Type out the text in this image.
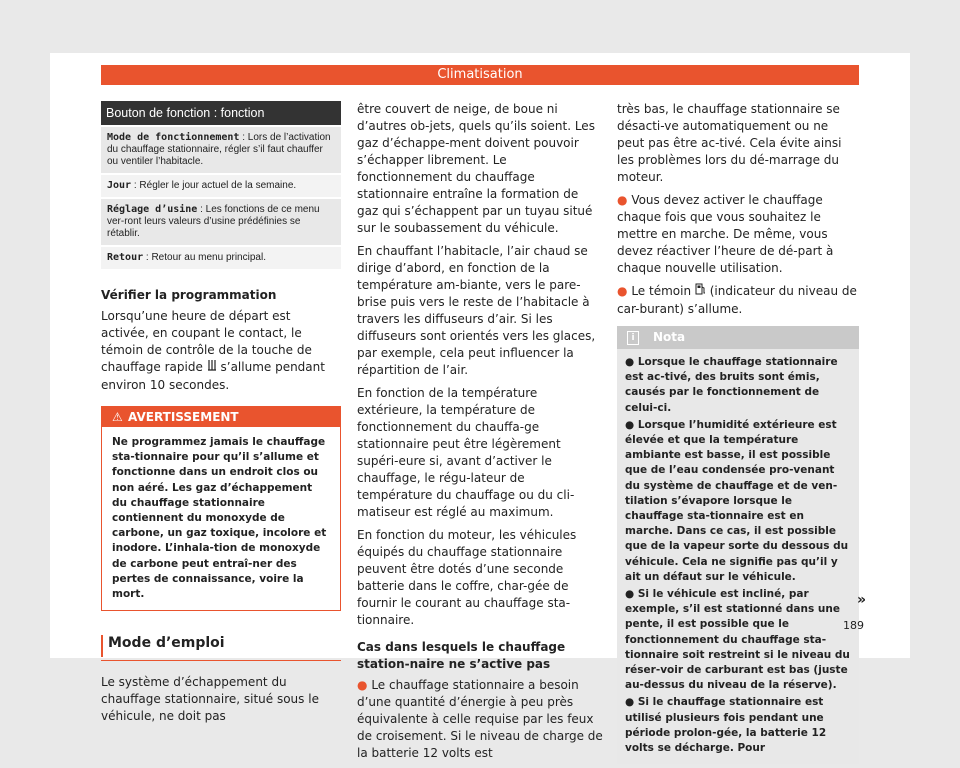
Climatisation
Bouton de fonction : fonction
Mode de fonctionnement : Lors de l’activation du chauffage stationnaire, régler s’il faut chauffer ou ventiler l’habitacle.
Jour : Régler le jour actuel de la semaine.
Réglage d’usine : Les fonctions de ce menu ver-ront leurs valeurs d’usine prédéfinies se rétablir.
Retour : Retour au menu principal.
Vérifier la programmation

Lorsqu’une heure de départ est activée, en coupant le contact, le témoin de contrôle de la touche de chauffage rapide s’allume pendant environ 10 secondes.

⚠ AVERTISSEMENT
Ne programmez jamais le chauffage sta-tionnaire pour qu’il s’allume et fonctionne dans un endroit clos ou non aéré. Les gaz d’échappement du chauffage stationnaire contiennent du monoxyde de carbone, un gaz toxique, incolore et inodore. L’inhala-tion de monoxyde de carbone peut entraî-ner des pertes de connaissance, voire la mort.
Mode d’emploi

Le système d’échappement du chauffage stationnaire, situé sous le véhicule, ne doit pas

être couvert de neige, de boue ni d’autres ob-jets, quels qu’ils soient. Les gaz d’échappe-ment doivent pouvoir s’échapper librement. Le fonctionnement du chauffage stationnaire entraîne la formation de gaz qui s’échappent par un tuyau situé sur le soubassement du véhicule.

En chauffant l’habitacle, l’air chaud se dirige d’abord, en fonction de la température am-biante, vers le pare-brise puis vers le reste de l’habitacle à travers les diffuseurs d’air. Si les diffuseurs sont orientés vers les glaces, par exemple, cela peut influencer la répartition de l’air.

En fonction de la température extérieure, la température de fonctionnement du chauffa-ge stationnaire peut être légèrement supéri-eure si, avant d’activer le chauffage, le régu-lateur de température du chauffage ou du cli-matiseur est réglé au maximum.

En fonction du moteur, les véhicules équipés du chauffage stationnaire peuvent être dotés d’une seconde batterie dans le coffre, char-gée de fournir le courant au chauffage sta-tionnaire.

Cas dans lesquels le chauffage station-naire ne s’active pas

● Le chauffage stationnaire a besoin d’une quantité d’énergie à peu près équivalente à celle requise par les feux de croisement. Si le niveau de charge de la batterie 12 volts est

très bas, le chauffage stationnaire se désacti-ve automatiquement ou ne peut pas être ac-tivé. Cela évite ainsi les problèmes lors du dé-marrage du moteur.

● Vous devez activer le chauffage chaque fois que vous souhaitez le mettre en marche. De même, vous devez réactiver l’heure de dé-part à chaque nouvelle utilisation.

● Le témoin (indicateur du niveau de car-burant) s’allume.

i	Nota

● Lorsque le chauffage stationnaire est ac-tivé, des bruits sont émis, causés par le fonctionnement de celui-ci.

● Lorsque l’humidité extérieure est élevée et que la température ambiante est basse, il est possible que de l’eau condensée pro-venant du système de chauffage et de ven-tilation s’évapore lorsque le chauffage sta-tionnaire est en marche. Dans ce cas, il est possible que de la vapeur sorte du dessous du véhicule. Cela ne signifie pas qu’il y ait un défaut sur le véhicule.

● Si le véhicule est incliné, par exemple, s’il est stationné dans une pente, il est possible que le fonctionnement du chauffage sta-tionnaire soit restreint si le niveau du réser-voir de carburant est bas (juste au-dessus du niveau de la réserve).

● Si le chauffage stationnaire est utilisé plusieurs fois pendant une période prolon-gée, la batterie 12 volts se décharge. Pour

»
189
